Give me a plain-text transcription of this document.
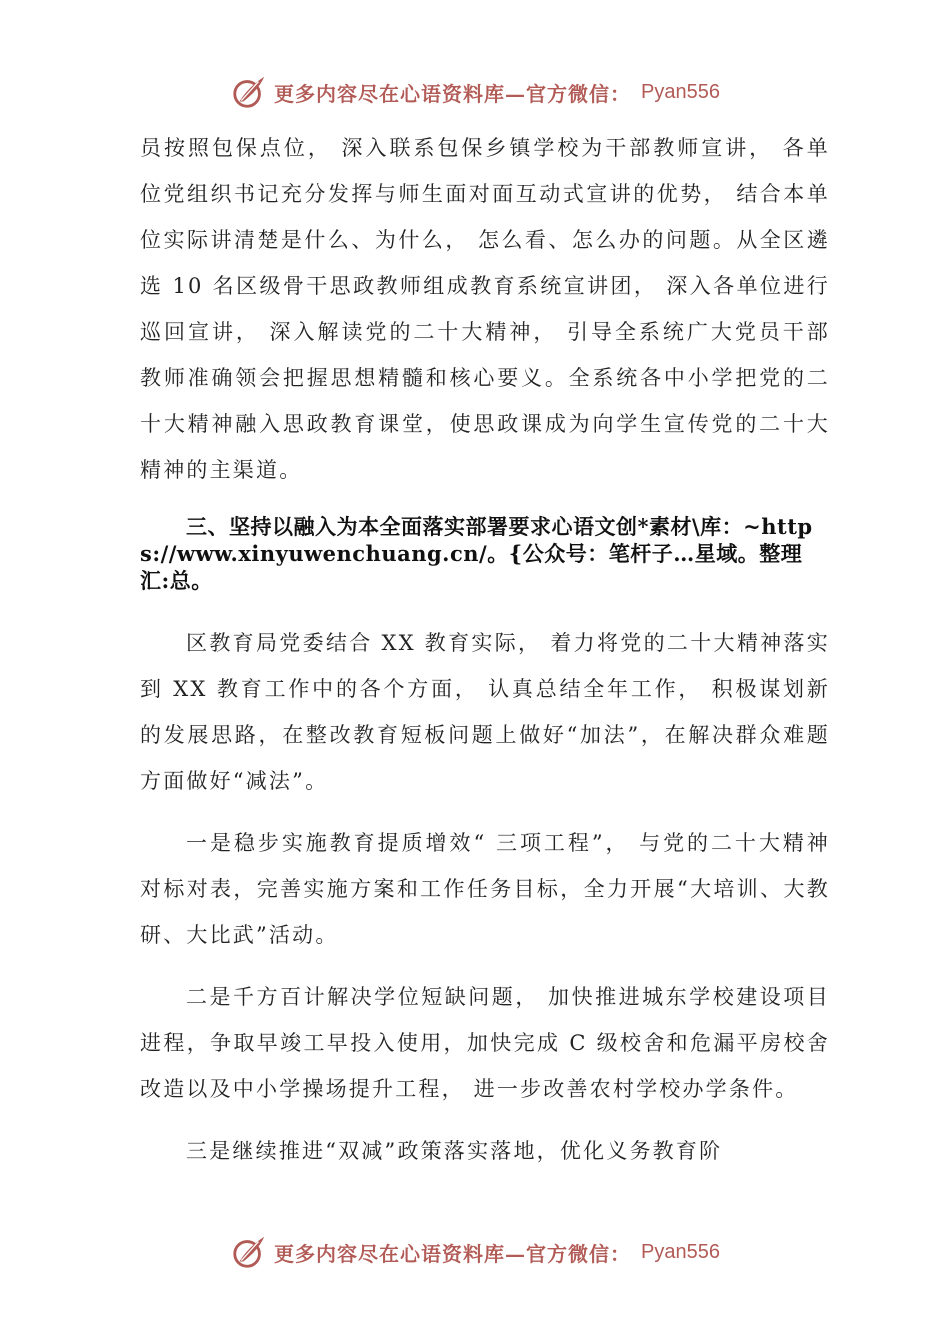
更多内容尽在心语资料库—官方微信： Pyan556

员按照包保点位， 深入联系包保乡镇学校为干部教师宣讲， 各单位党组织书记充分发挥与师生面对面互动式宣讲的优势， 结合本单位实际讲清楚是什么、为什么， 怎么看、怎么办的问题。从全区遴选 10 名区级骨干思政教师组成教育系统宣讲团， 深入各单位进行巡回宣讲， 深入解读党的二十大精神， 引导全系统广大党员干部教师准确领会把握思想精髓和核心要义。全系统各中小学把党的二十大精神融入思政教育课堂，使思政课成为向学生宣传党的二十大精神的主渠道。

三、坚持以融入为本全面落实部署要求心语文创*素材\库：~https://www.xinyuwenchuang.cn/。{公众号：笔杆子…星域。整理汇:总。

区教育局党委结合 XX 教育实际， 着力将党的二十大精神落实到 XX 教育工作中的各个方面， 认真总结全年工作， 积极谋划新的发展思路，在整改教育短板问题上做好“加法”，在解决群众难题方面做好“减法”。

一是稳步实施教育提质增效“ 三项工程”， 与党的二十大精神对标对表，完善实施方案和工作任务目标，全力开展“大培训、大教研、大比武”活动。

二是千方百计解决学位短缺问题， 加快推进城东学校建设项目进程，争取早竣工早投入使用，加快完成 C 级校舍和危漏平房校舍改造以及中小学操场提升工程， 进一步改善农村学校办学条件。

三是继续推进“双减”政策落实落地，优化义务教育阶

更多内容尽在心语资料库—官方微信： Pyan556
